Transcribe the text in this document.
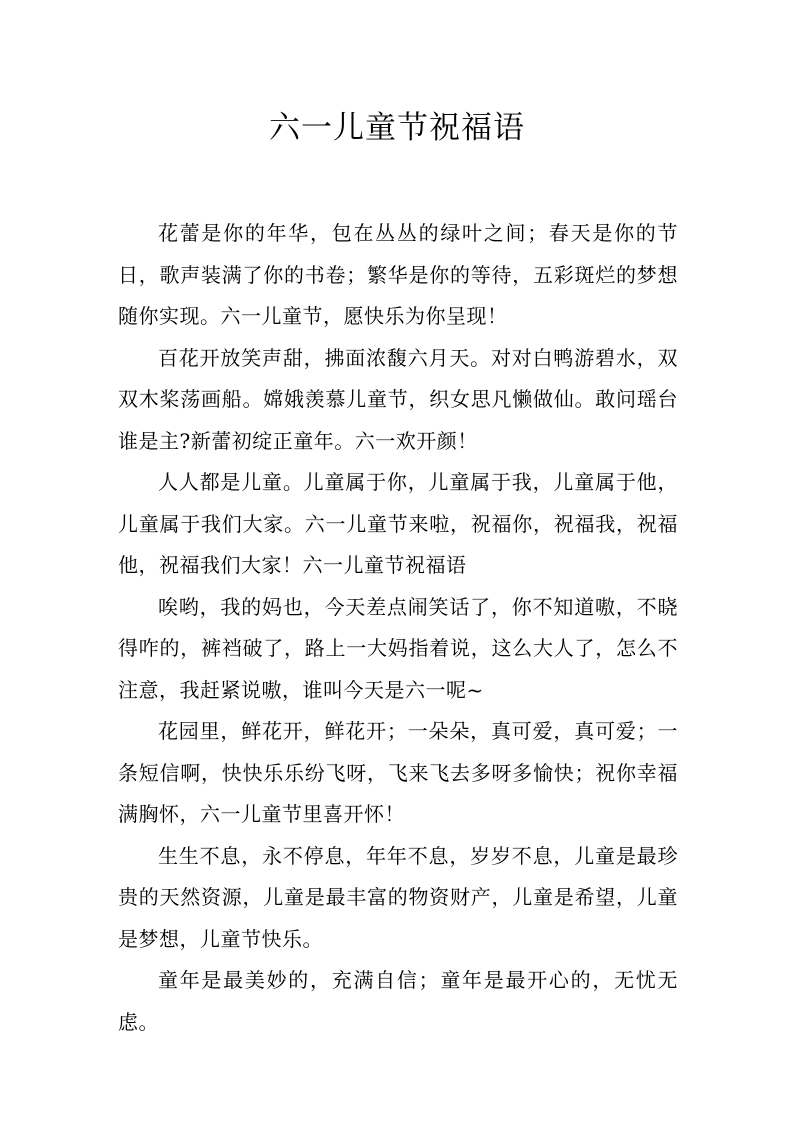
六一儿童节祝福语

花蕾是你的年华，包在丛丛的绿叶之间；春天是你的节日，歌声装满了你的书卷；繁华是你的等待，五彩斑烂的梦想随你实现。六一儿童节，愿快乐为你呈现！

百花开放笑声甜，拂面浓馥六月天。对对白鸭游碧水，双双木桨荡画船。嫦娥羡慕儿童节，织女思凡懒做仙。敢问瑶台谁是主?新蕾初绽正童年。六一欢开颜！

人人都是儿童。儿童属于你，儿童属于我，儿童属于他，儿童属于我们大家。六一儿童节来啦，祝福你，祝福我，祝福他，祝福我们大家！六一儿童节祝福语

唉哟，我的妈也，今天差点闹笑话了，你不知道嗷，不晓得咋的，裤裆破了，路上一大妈指着说，这么大人了，怎么不注意，我赶紧说嗷，谁叫今天是六一呢~

花园里，鲜花开，鲜花开；一朵朵，真可爱，真可爱；一条短信啊，快快乐乐纷飞呀，飞来飞去多呀多愉快；祝你幸福满胸怀，六一儿童节里喜开怀！

生生不息，永不停息，年年不息，岁岁不息，儿童是最珍贵的天然资源，儿童是最丰富的物资财产，儿童是希望，儿童是梦想，儿童节快乐。

童年是最美妙的，充满自信；童年是最开心的，无忧无虑。
